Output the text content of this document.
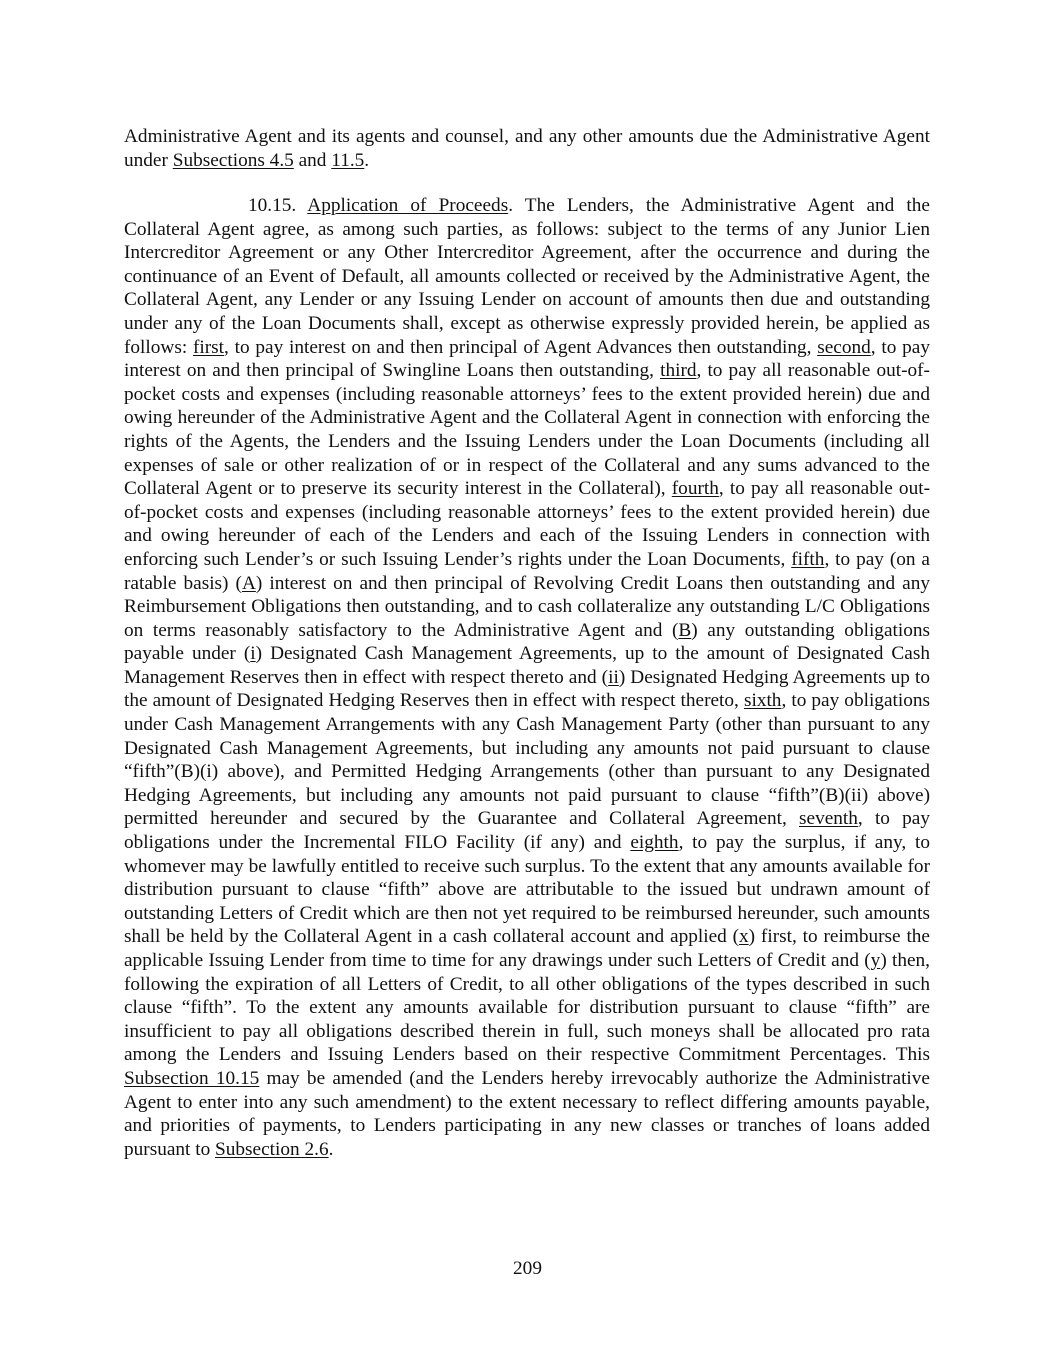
Administrative Agent and its agents and counsel, and any other amounts due the Administrative Agent under Subsections 4.5 and 11.5.

10.15. Application of Proceeds. The Lenders, the Administrative Agent and the Collateral Agent agree, as among such parties, as follows: subject to the terms of any Junior Lien Intercreditor Agreement or any Other Intercreditor Agreement, after the occurrence and during the continuance of an Event of Default, all amounts collected or received by the Administrative Agent, the Collateral Agent, any Lender or any Issuing Lender on account of amounts then due and outstanding under any of the Loan Documents shall, except as otherwise expressly provided herein, be applied as follows: first, to pay interest on and then principal of Agent Advances then outstanding, second, to pay interest on and then principal of Swingline Loans then outstanding, third, to pay all reasonable out-of-pocket costs and expenses (including reasonable attorneys’ fees to the extent provided herein) due and owing hereunder of the Administrative Agent and the Collateral Agent in connection with enforcing the rights of the Agents, the Lenders and the Issuing Lenders under the Loan Documents (including all expenses of sale or other realization of or in respect of the Collateral and any sums advanced to the Collateral Agent or to preserve its security interest in the Collateral), fourth, to pay all reasonable out-of-pocket costs and expenses (including reasonable attorneys’ fees to the extent provided herein) due and owing hereunder of each of the Lenders and each of the Issuing Lenders in connection with enforcing such Lender’s or such Issuing Lender’s rights under the Loan Documents, fifth, to pay (on a ratable basis) (A) interest on and then principal of Revolving Credit Loans then outstanding and any Reimbursement Obligations then outstanding, and to cash collateralize any outstanding L/C Obligations on terms reasonably satisfactory to the Administrative Agent and (B) any outstanding obligations payable under (i) Designated Cash Management Agreements, up to the amount of Designated Cash Management Reserves then in effect with respect thereto and (ii) Designated Hedging Agreements up to the amount of Designated Hedging Reserves then in effect with respect thereto, sixth, to pay obligations under Cash Management Arrangements with any Cash Management Party (other than pursuant to any Designated Cash Management Agreements, but including any amounts not paid pursuant to clause “fifth”(B)(i) above), and Permitted Hedging Arrangements (other than pursuant to any Designated Hedging Agreements, but including any amounts not paid pursuant to clause “fifth”(B)(ii) above) permitted hereunder and secured by the Guarantee and Collateral Agreement, seventh, to pay obligations under the Incremental FILO Facility (if any) and eighth, to pay the surplus, if any, to whomever may be lawfully entitled to receive such surplus. To the extent that any amounts available for distribution pursuant to clause “fifth” above are attributable to the issued but undrawn amount of outstanding Letters of Credit which are then not yet required to be reimbursed hereunder, such amounts shall be held by the Collateral Agent in a cash collateral account and applied (x) first, to reimburse the applicable Issuing Lender from time to time for any drawings under such Letters of Credit and (y) then, following the expiration of all Letters of Credit, to all other obligations of the types described in such clause “fifth”. To the extent any amounts available for distribution pursuant to clause “fifth” are insufficient to pay all obligations described therein in full, such moneys shall be allocated pro rata among the Lenders and Issuing Lenders based on their respective Commitment Percentages. This Subsection 10.15 may be amended (and the Lenders hereby irrevocably authorize the Administrative Agent to enter into any such amendment) to the extent necessary to reflect differing amounts payable, and priorities of payments, to Lenders participating in any new classes or tranches of loans added pursuant to Subsection 2.6.

209
